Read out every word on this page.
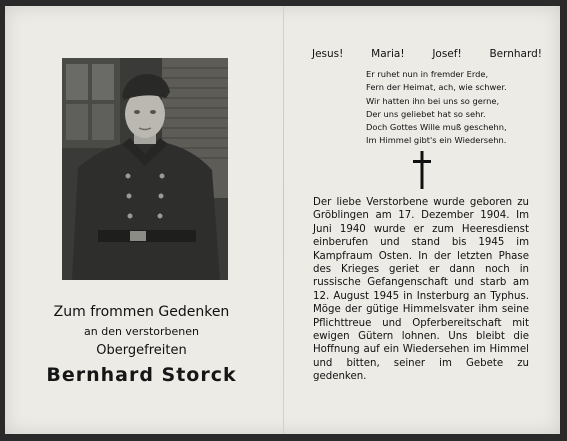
Zum frommen Gedenken
an den verstorbenen
Obergefreiten
Bernhard Storck
Jesus!	Maria!	Josef!	Bernhard!
Er ruhet nun in fremder Erde,
Fern der Heimat, ach, wie schwer.
Wir hatten ihn bei uns so gerne,
Der uns geliebet hat so sehr.
Doch Gottes Wille muß geschehn,
Im Himmel gibt's ein Wiedersehn.
Der liebe Verstorbene wurde geboren zu Gröblingen am 17. Dezember 1904. Im Juni 1940 wurde er zum Heeresdienst einberufen und stand bis 1945 im Kampfraum Osten. In der letzten Phase des Krieges geriet er dann noch in russische Gefangenschaft und starb am 12. August 1945 in Insterburg an Typhus. Möge der gütige Himmelsvater ihm seine Pflichttreue und Opferbereitschaft mit ewigen Gütern lohnen. Uns bleibt die Hoffnung auf ein Wiedersehen im Himmel und bitten, seiner im Gebete zu gedenken.
